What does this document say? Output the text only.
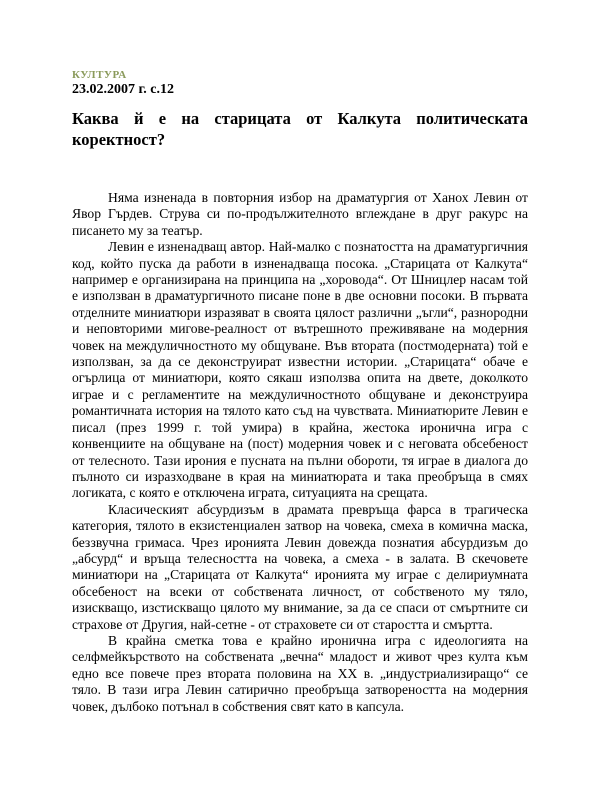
КУЛТУРА
23.02.2007 г. с.12
Каква й е на старицата от Калкута политическата коректност?

Няма изненада в повторния избор на драматургия от Ханох Левин от Явор Гърдев. Струва си по-продължителното вглеждане в друг ракурс на писането му за театър.

Левин е изненадващ автор. Най-малко с познатостта на драматургичния код, който пуска да работи в изненадваща посока. „Старицата от Калкута“ например е организирана на принципа на „хоровода“. От Шницлер насам той е използван в драматургичното писане поне в две основни посоки. В първата отделните миниатюри изразяват в своята цялост различни „ъгли“, разнородни и неповторими мигове-реалност от вътрешното преживяване на модерния човек на междуличностното му общуване. Във втората (постмодерната) той е използван, за да се деконструират известни истории. „Старицата“ обаче е огърлица от миниатюри, която сякаш използва опита на двете, доколкото играе и с регламентите на междуличностното общуване и деконструира романтичната история на тялото като съд на чувствата. Миниатюрите Левин е писал (през 1999 г. той умира) в крайна, жестока иронична игра с конвенциите на общуване на (пост) модерния човек и с неговата обсебеност от телесното. Тази ирония е пусната на пълни обороти, тя играе в диалога до пълното си изразходване в края на миниатюрата и така преобръща в смях логиката, с която е отключена играта, ситуацията на срещата.

Класическият абсурдизъм в драмата превръща фарса в трагическа категория, тялото в екзистенциален затвор на човека, смеха в комична маска, беззвучна гримаса. Чрез иронията Левин довежда познатия абсурдизъм до „абсурд“ и връща телесността на човека, а смеха - в залата. В скечовете миниатюри на „Старицата от Калкута“ иронията му играе с делириумната обсебеност на всеки от собствената личност, от собственото му тяло, изискващо, изстискващо цялото му внимание, за да се спаси от смъртните си страхове от Другия, най-сетне - от страховете си от старостта и смъртта.

В крайна сметка това е крайно иронична игра с идеологията на селфмейкърството на собствената „вечна“ младост и живот чрез култа към едно все повече през втората половина на ХХ в. „индустриализиращо“ се тяло. В тази игра Левин сатирично преобръща затвореността на модерния човек, дълбоко потънал в собствения свят като в капсула.
